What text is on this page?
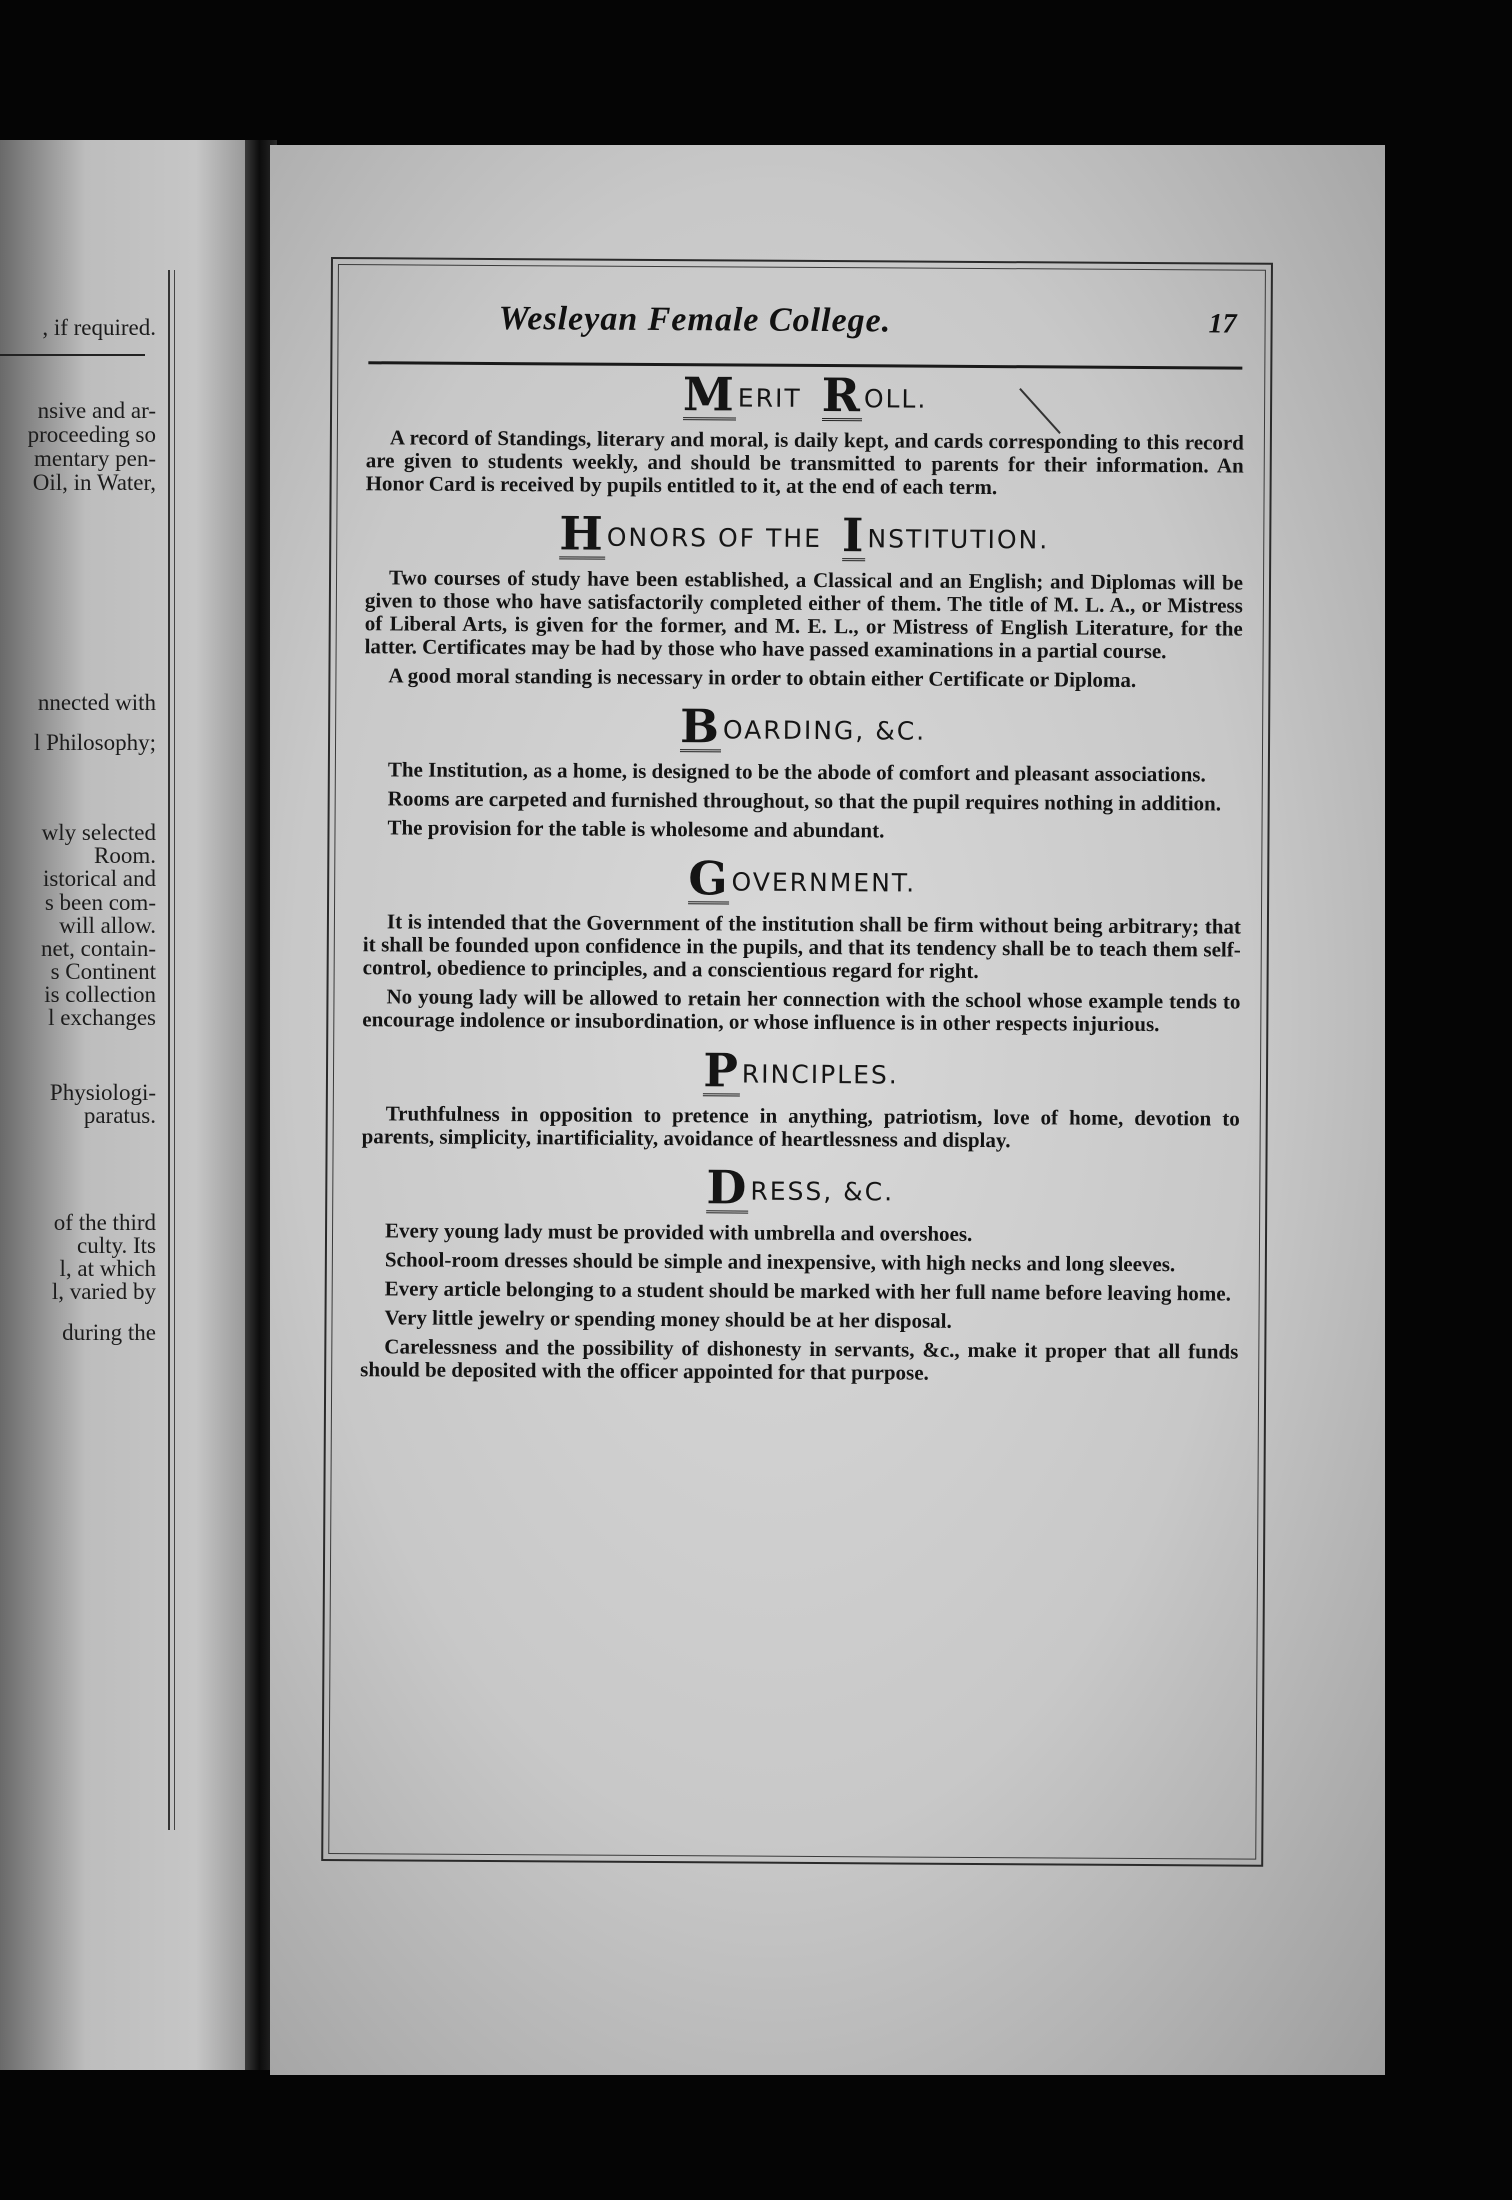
, if required.
nsive and ar-
proceeding so
mentary pen-
Oil, in Water,
nnected with
l Philosophy;
wly selected
Room.
istorical and
s been com-
will allow.
net, contain-
s Continent
is collection
l exchanges
Physiologi-
paratus.
of the third
culty. Its
l, at which
l, varied by
during the
Wesleyan Female College.	17
MERIT ROLL.

A record of Standings, literary and moral, is daily kept, and cards corresponding to this record are given to students weekly, and should be transmitted to parents for their information. An Honor Card is received by pupils entitled to it, at the end of each term.

HONORS OF THE INSTITUTION.

Two courses of study have been established, a Classical and an English; and Diplomas will be given to those who have satisfactorily completed either of them. The title of M. L. A., or Mistress of Liberal Arts, is given for the former, and M. E. L., or Mistress of English Literature, for the latter. Certificates may be had by those who have passed examinations in a partial course.

A good moral standing is necessary in order to obtain either Certificate or Diploma.

BOARDING, &C.

The Institution, as a home, is designed to be the abode of comfort and pleasant associations.

Rooms are carpeted and furnished throughout, so that the pupil requires nothing in addition.

The provision for the table is wholesome and abundant.

GOVERNMENT.

It is intended that the Government of the institution shall be firm without being arbitrary; that it shall be founded upon confidence in the pupils, and that its tendency shall be to teach them self-control, obedience to principles, and a conscientious regard for right.

No young lady will be allowed to retain her connection with the school whose example tends to encourage indolence or insubordination, or whose influence is in other respects injurious.

PRINCIPLES.

Truthfulness in opposition to pretence in anything, patriotism, love of home, devotion to parents, simplicity, inartificiality, avoidance of heartlessness and display.

DRESS, &C.

Every young lady must be provided with umbrella and overshoes.

School-room dresses should be simple and inexpensive, with high necks and long sleeves.

Every article belonging to a student should be marked with her full name before leaving home.

Very little jewelry or spending money should be at her disposal.

Carelessness and the possibility of dishonesty in servants, &c., make it proper that all funds should be deposited with the officer appointed for that purpose.
